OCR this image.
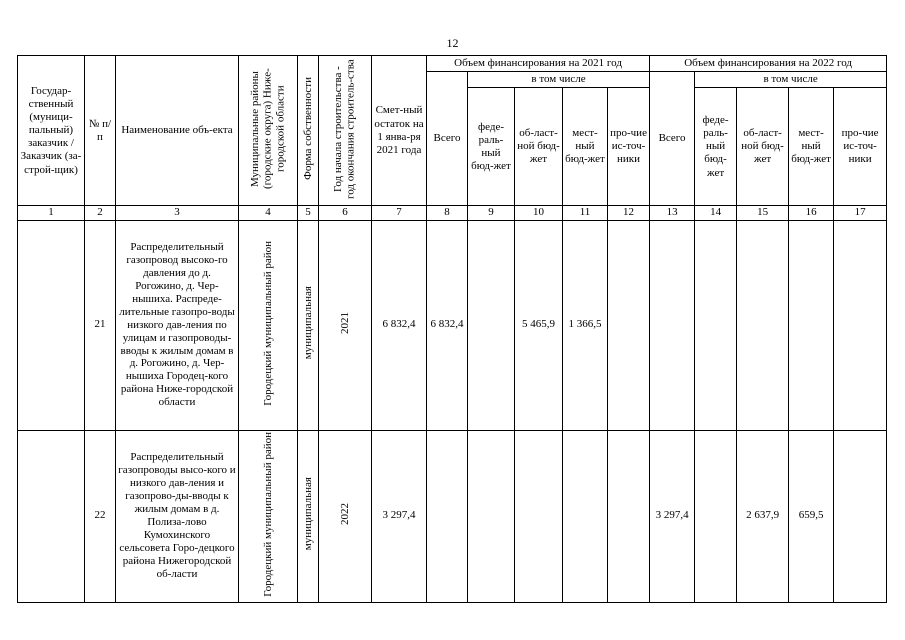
12
Государ-ственный (муници-пальный) заказчик / Заказчик (за-строй-щик)	№ п/п	Наименование объ-екта	Муниципальные районы (городские округа) Ниже-городской области	Форма собственности	Год начала строительства - год окончания строитель-ства	Смет-ный остаток на 1 янва-ря 2021 года	Объем финансирования на 2021 год					Объем финансирования на 2022 год				
							Всего	в том числе				Всего	в том числе			
								феде-раль-ный бюд-жет	об-ласт-ной бюд-жет	мест-ный бюд-жет	про-чие ис-точ-ники		феде-раль-ный бюд-жет	об-ласт-ной бюд-жет	мест-ный бюд-жет	про-чие ис-точ-ники
1	2	3	4	5	6	7	8	9	10	11	12	13	14	15	16	17
	21	Распределительный газопровод высоко-го давления до д. Рогожино, д. Чер-нышиха. Распреде-лительные газопро-воды низкого дав-ления по улицам и газопроводы-вводы к жилым домам в д. Рогожино, д. Чер-нышиха Городец-кого района Ниже-городской области	Городецкий муниципальный район	муниципальная	2021	6 832,4	6 832,4		5 465,9	1 366,5						
	22	Распределительный газопроводы высо-кого и низкого дав-ления и газопрово-ды-вводы к жилым домам в д. Полиза-лово Кумохинского сельсовета Горо-децкого района Нижегородской об-ласти	Городецкий муниципальный район	муниципальная	2022	3 297,4						3 297,4		2 637,9	659,5	
